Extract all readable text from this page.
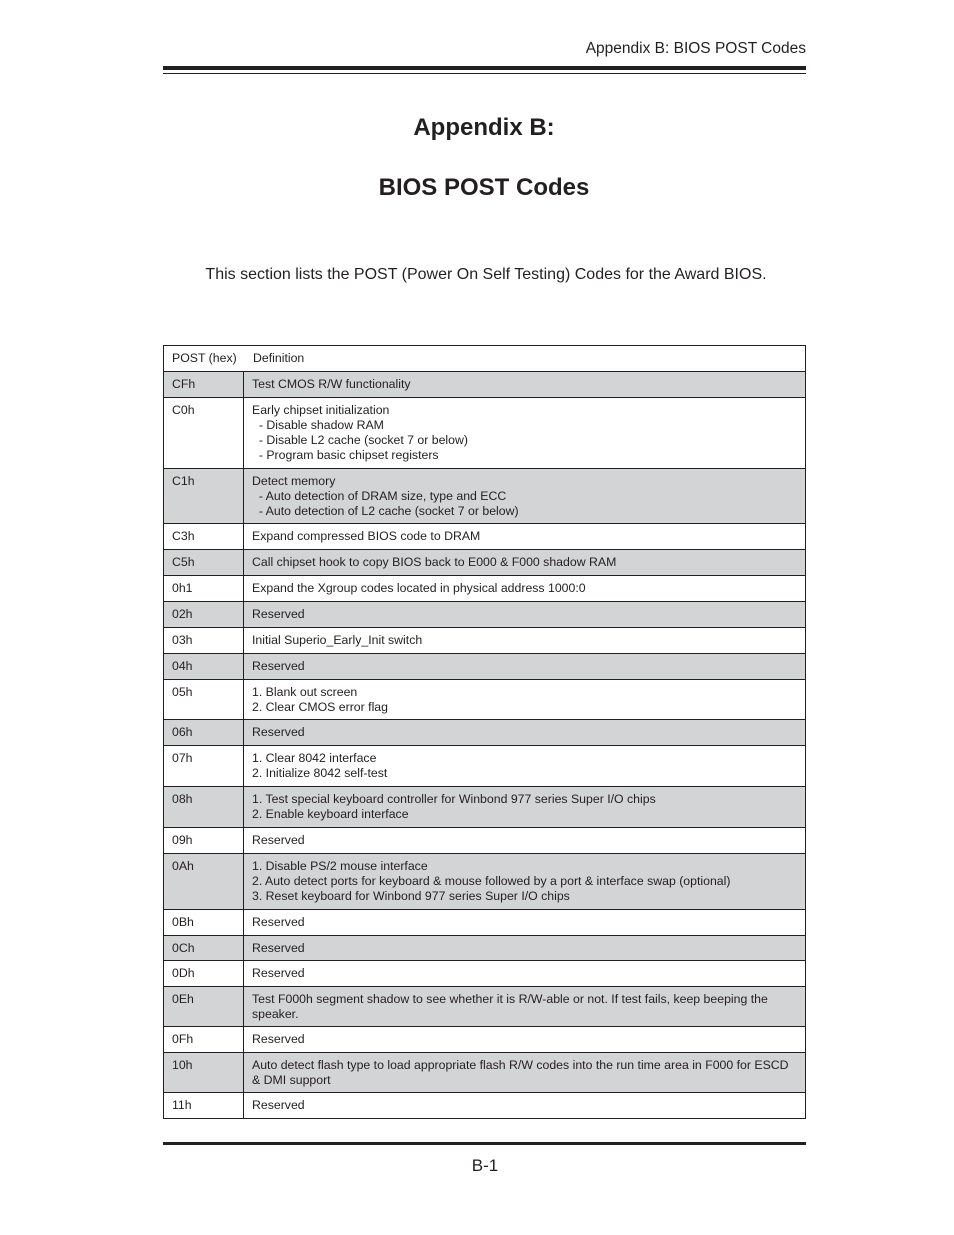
Appendix B: BIOS POST Codes
Appendix B:
BIOS POST Codes
This section lists the POST (Power On Self Testing) Codes for the Award BIOS.
POST (hex)	Definition
CFh	Test CMOS R/W functionality
C0h	Early chipset initialization
- Disable shadow RAM
- Disable L2 cache (socket 7 or below)
- Program basic chipset registers
C1h	Detect memory
- Auto detection of DRAM size, type and ECC
- Auto detection of L2 cache (socket 7 or below)
C3h	Expand compressed BIOS code to DRAM
C5h	Call chipset hook to copy BIOS back to E000 & F000 shadow RAM
0h1	Expand the Xgroup codes located in physical address 1000:0
02h	Reserved
03h	Initial Superio_Early_Init switch
04h	Reserved
05h	1. Blank out screen
2. Clear CMOS error flag
06h	Reserved
07h	1. Clear 8042 interface
2. Initialize 8042 self-test
08h	1. Test special keyboard controller for Winbond 977 series Super I/O chips
2. Enable keyboard interface
09h	Reserved
0Ah	1. Disable PS/2 mouse interface
2. Auto detect ports for keyboard & mouse followed by a port & interface swap (optional)
3. Reset keyboard for Winbond 977 series Super I/O chips
0Bh	Reserved
0Ch	Reserved
0Dh	Reserved
0Eh	Test F000h segment shadow to see whether it is R/W-able or not. If test fails, keep beeping the
speaker.
0Fh	Reserved
10h	Auto detect flash type to load appropriate flash R/W codes into the run time area in F000 for ESCD
& DMI support
11h	Reserved
B-1
